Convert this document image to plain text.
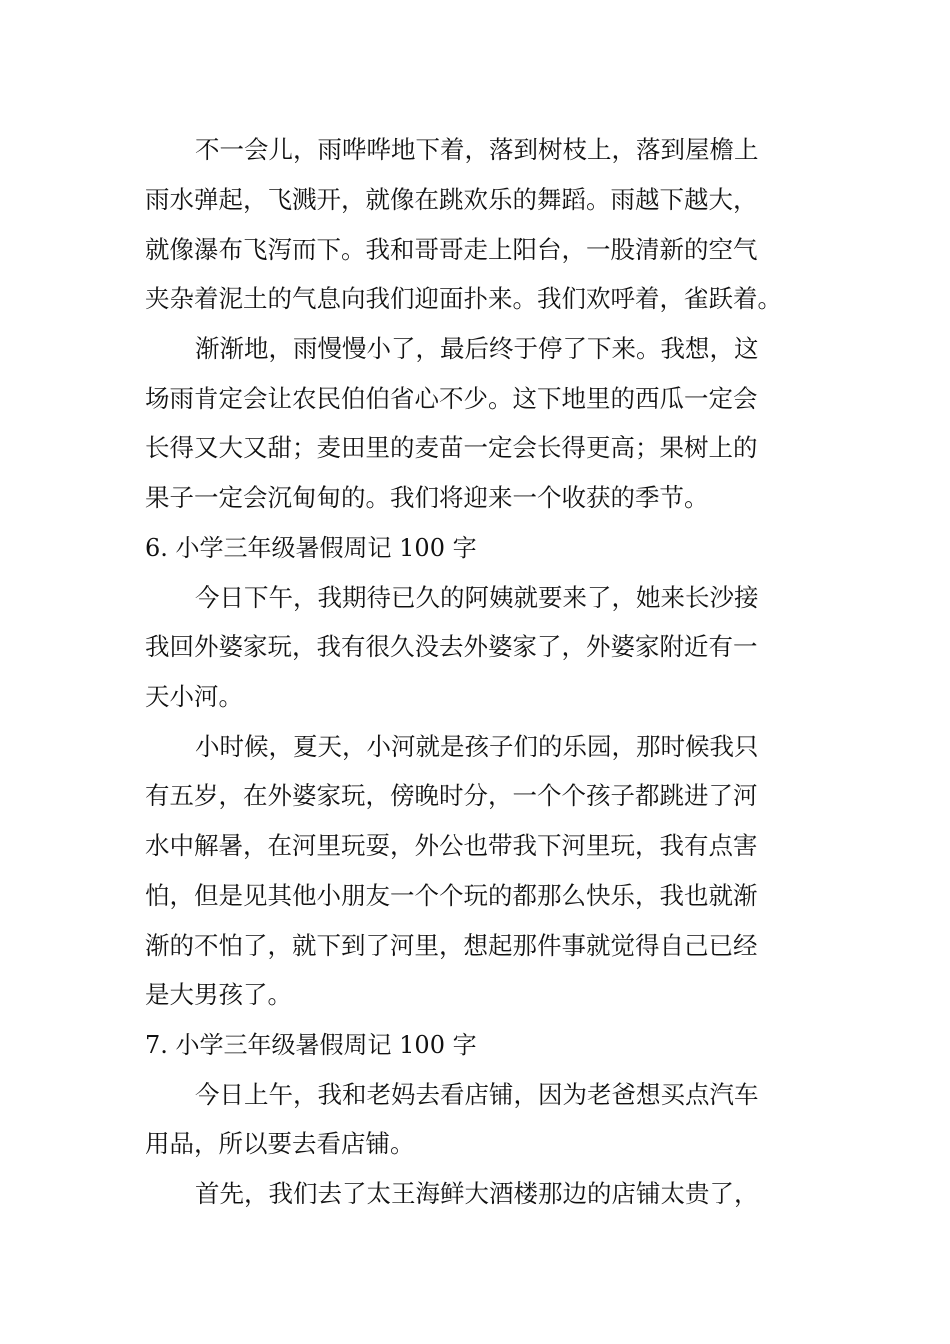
不一会儿，雨哗哗地下着，落到树枝上，落到屋檐上
雨水弹起，飞溅开，就像在跳欢乐的舞蹈。雨越下越大，
就像瀑布飞泻而下。我和哥哥走上阳台，一股清新的空气
夹杂着泥土的气息向我们迎面扑来。我们欢呼着，雀跃着。
渐渐地，雨慢慢小了，最后终于停了下来。我想，这
场雨肯定会让农民伯伯省心不少。这下地里的西瓜一定会
长得又大又甜；麦田里的麦苗一定会长得更高；果树上的
果子一定会沉甸甸的。我们将迎来一个收获的季节。
6. 小学三年级暑假周记 100 字
今日下午，我期待已久的阿姨就要来了，她来长沙接
我回外婆家玩，我有很久没去外婆家了，外婆家附近有一
天小河。
小时候，夏天，小河就是孩子们的乐园，那时候我只
有五岁，在外婆家玩，傍晚时分，一个个孩子都跳进了河
水中解暑，在河里玩耍，外公也带我下河里玩，我有点害
怕，但是见其他小朋友一个个玩的都那么快乐，我也就渐
渐的不怕了，就下到了河里，想起那件事就觉得自己已经
是大男孩了。
7. 小学三年级暑假周记 100 字
今日上午，我和老妈去看店铺，因为老爸想买点汽车
用品，所以要去看店铺。
首先，我们去了太王海鲜大酒楼那边的店铺太贵了，
